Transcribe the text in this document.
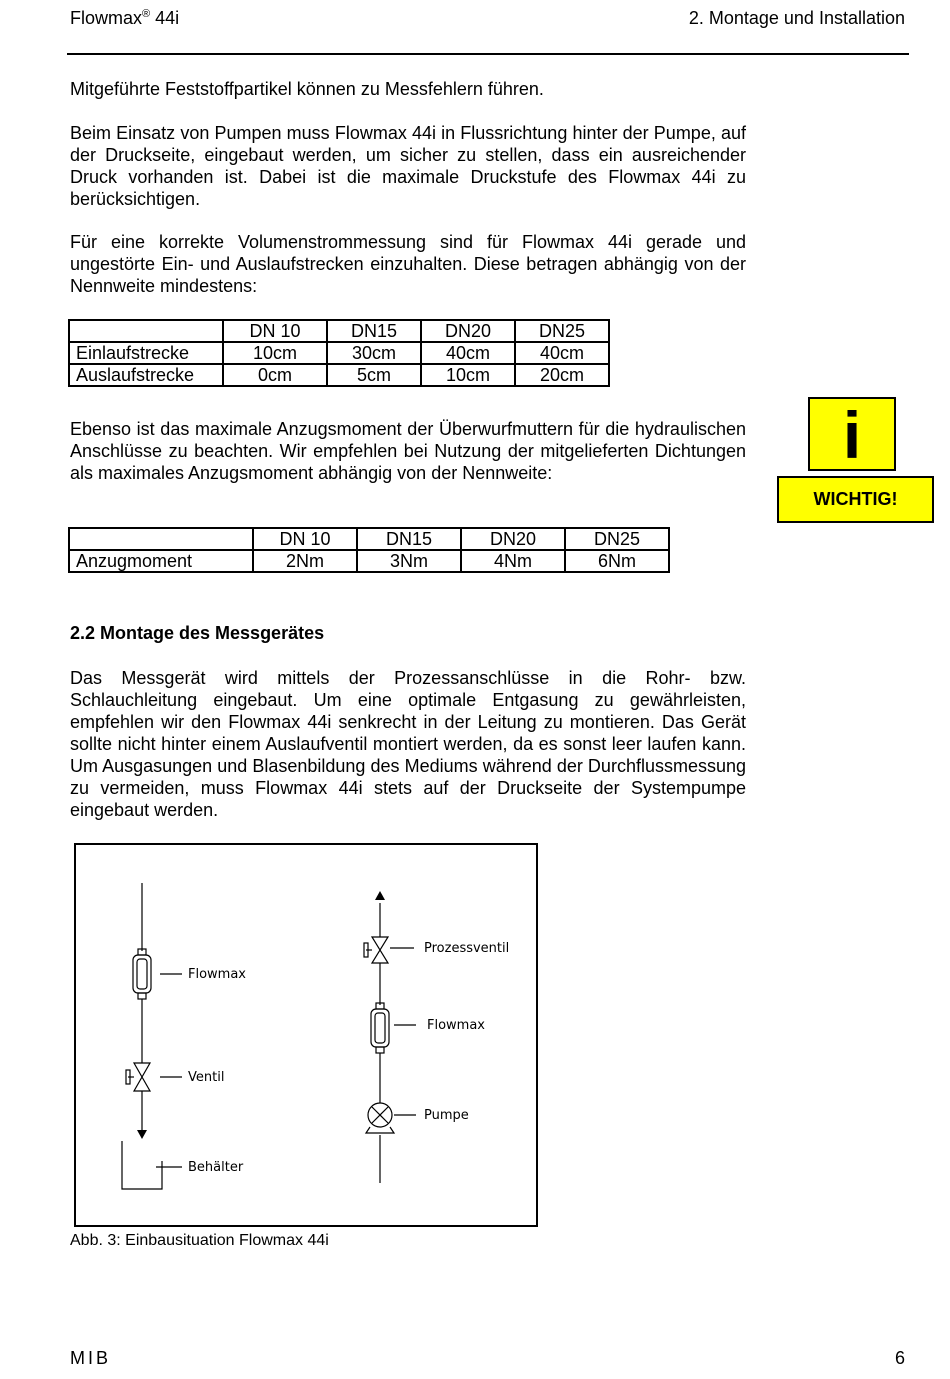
Flowmax® 44i	2. Montage und Installation

Mitgeführte Feststoffpartikel können zu Messfehlern führen.

Beim Einsatz von Pumpen muss Flowmax 44i in Flussrichtung hinter der Pumpe, auf der Druckseite, eingebaut werden, um sicher zu stellen, dass ein ausreichender Druck vorhanden ist. Dabei ist die maximale Druckstufe des Flowmax 44i zu berücksichtigen.

Für eine korrekte Volumenstrommessung sind für Flowmax 44i gerade und ungestörte Ein- und Auslaufstrecken einzuhalten. Diese betragen abhängig von der Nennweite mindestens:

	DN 10	DN15	DN20	DN25
Einlaufstrecke	10cm	30cm	40cm	40cm
Auslaufstrecke	0cm	5cm	10cm	20cm

Ebenso ist das maximale Anzugsmoment der Überwurfmuttern für die hydraulischen Anschlüsse zu beachten. Wir empfehlen bei Nutzung der mitgelieferten Dichtungen als maximales Anzugsmoment abhängig von der Nennweite:

i
WICHTIG!
	DN 10	DN15	DN20	DN25
Anzugmoment	2Nm	3Nm	4Nm	6Nm
2.2 Montage des Messgerätes

Das Messgerät wird mittels der Prozessanschlüsse in die Rohr- bzw. Schlauchleitung eingebaut. Um eine optimale Entgasung zu gewährleisten, empfehlen wir den Flowmax 44i senkrecht in der Leitung zu montieren. Das Gerät sollte nicht hinter einem Auslaufventil montiert werden, da es sonst leer laufen kann. Um Ausgasungen und Blasenbildung des Mediums während der Durchflussmessung zu vermeiden, muss Flowmax 44i stets auf der Druckseite der Systempumpe eingebaut werden.

Flowmax
Ventil
Behälter
Prozessventil
Flowmax
Pumpe
Abb. 3: Einbausituation Flowmax 44i
MIB	6
